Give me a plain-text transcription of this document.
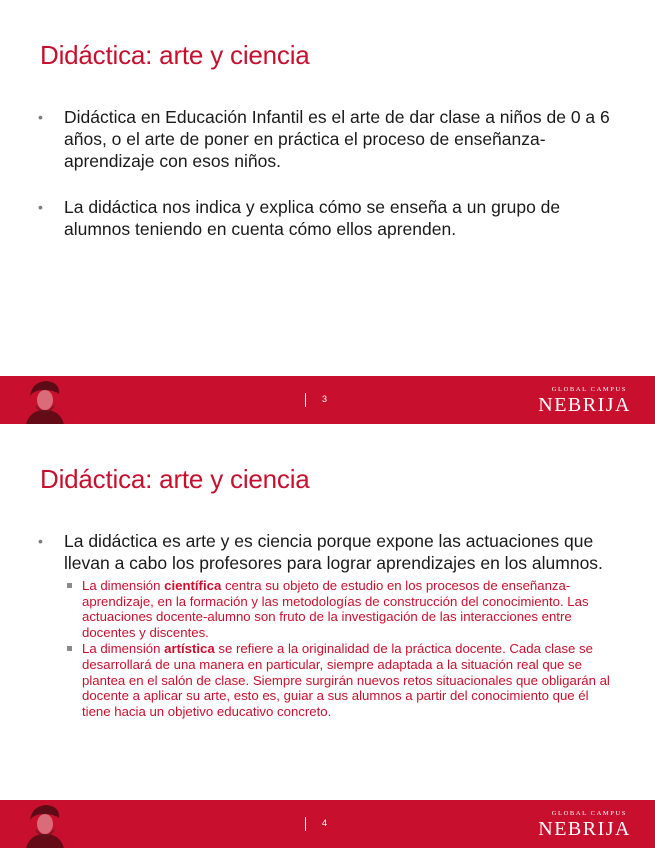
Didáctica: arte y ciencia
• Didáctica en Educación Infantil es el arte de dar clase a niños de 0 a 6 años, o el arte de poner en práctica el proceso de enseñanza-aprendizaje con esos niños.
• La didáctica nos indica y explica cómo se enseña a un grupo de alumnos teniendo en cuenta cómo ellos aprenden.
3
GLOBAL CAMPUS
NEBRIJA
Didáctica: arte y ciencia
• La didáctica es arte y es ciencia porque expone las actuaciones que llevan a cabo los profesores para lograr aprendizajes en los alumnos.
La dimensión científica centra su objeto de estudio en los procesos de enseñanza-aprendizaje, en la formación y las metodologías de construcción del conocimiento. Las actuaciones docente-alumno son fruto de la investigación de las interacciones entre docentes y discentes.
La dimensión artística se refiere a la originalidad de la práctica docente. Cada clase se desarrollará de una manera en particular, siempre adaptada a la situación real que se plantea en el salón de clase. Siempre surgirán nuevos retos situacionales que obligarán al docente a aplicar su arte, esto es, guiar a sus alumnos a partir del conocimiento que él tiene hacia un objetivo educativo concreto.
4
GLOBAL CAMPUS
NEBRIJA
